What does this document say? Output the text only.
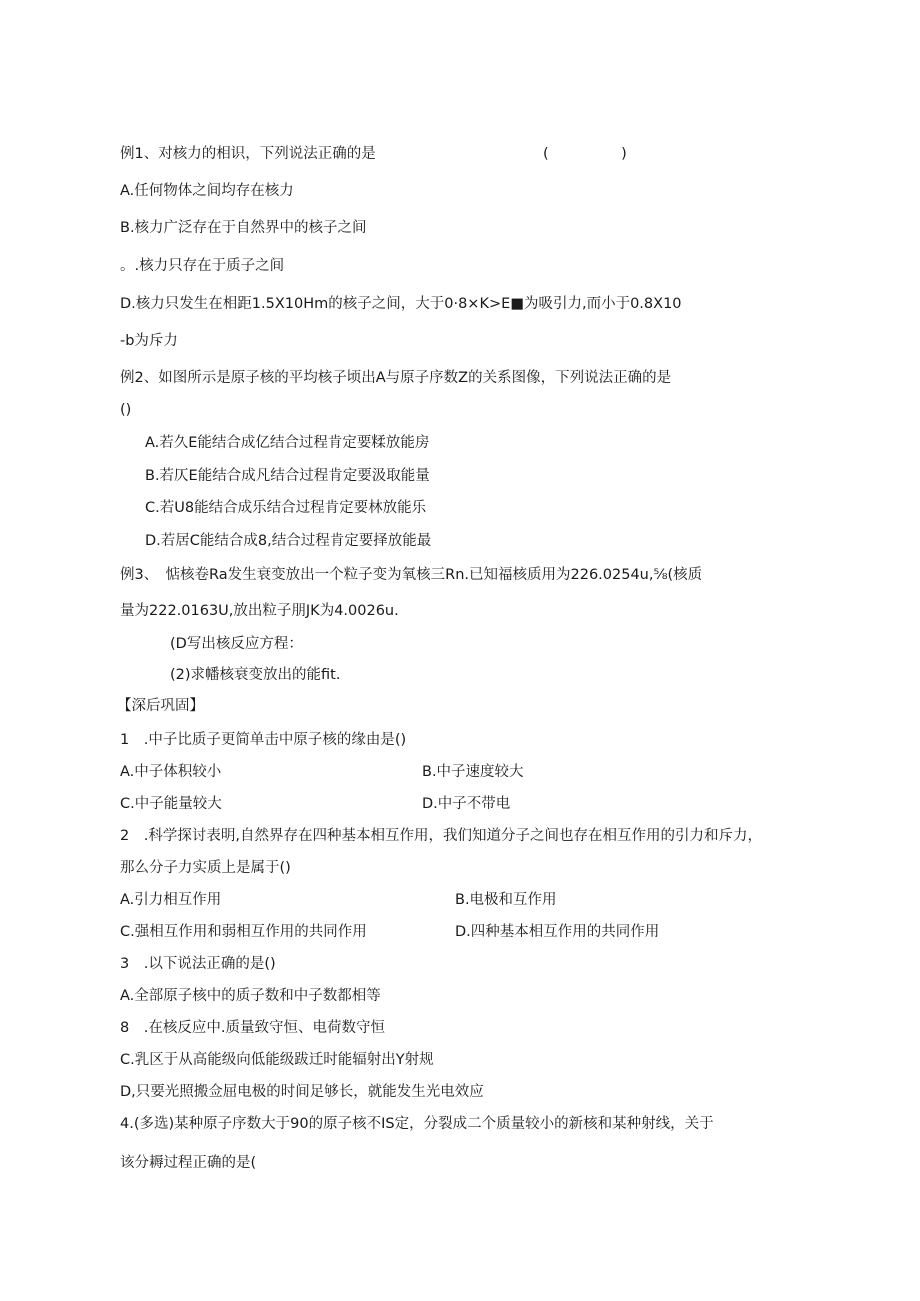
例1、对核力的相识，下列说法正确的是	(　　　　　)
A.任何物体之间均存在核力
B.核力广泛存在于自然界中的核子之间
。.核力只存在于质子之间
D.核力只发生在相距1.5X10Hm的核子之间，大于0·8×K>E■为吸引力,而小于0.8X10
-b为斥力
例2、如图所示是原子核的平均核子顷出A与原子序数Z的关系图像，下列说法正确的是
()
A.若久E能结合成亿结合过程肯定要糅放能房
B.若仄E能结合成凡结合过程肯定要汲取能量
C.若U8能结合成乐结合过程肯定要林放能乐
D.若居C能结合成8,结合过程肯定要择放能最
例3、　惦核卷Ra发生衰变放出一个粒子变为氧核三Rn.已知福核质用为226.0254u,⅝(核质
量为222.0163U,放出粒子朋JK为4.0026u.
(D写出核反应方程：
(2)求幡核衰变放出的能fit.
【深后巩固】
1　.中子比质子更简单击中原子核的缘由是()
A.中子体积较小	B.中子速度较大
C.中子能量较大	D.中子不带电
2　.科学探讨表明,自然界存在四种基本相互作用，我们知道分子之间也存在相互作用的引力和斥力，
那么分子力实质上是属于()
A.引力相互作用	B.电极和互作用
C.强相互作用和弱相互作用的共同作用	D.四种基本相互作用的共同作用
3　.以下说法正确的是()
A.全部原子核中的质子数和中子数都相等
8　.在核反应中.质量致守恒、电荷数守恒
C.乳区于从高能级向低能级跋迁时能辐射出Y射规
D,只要光照搬佥屈电极的时间足够长，就能发生光电效应
4.(多选)某种原子序数大于90的原子核不IS定，分裂成二个质量较小的新核和某种射线，关于
该分耨过程正确的是(
